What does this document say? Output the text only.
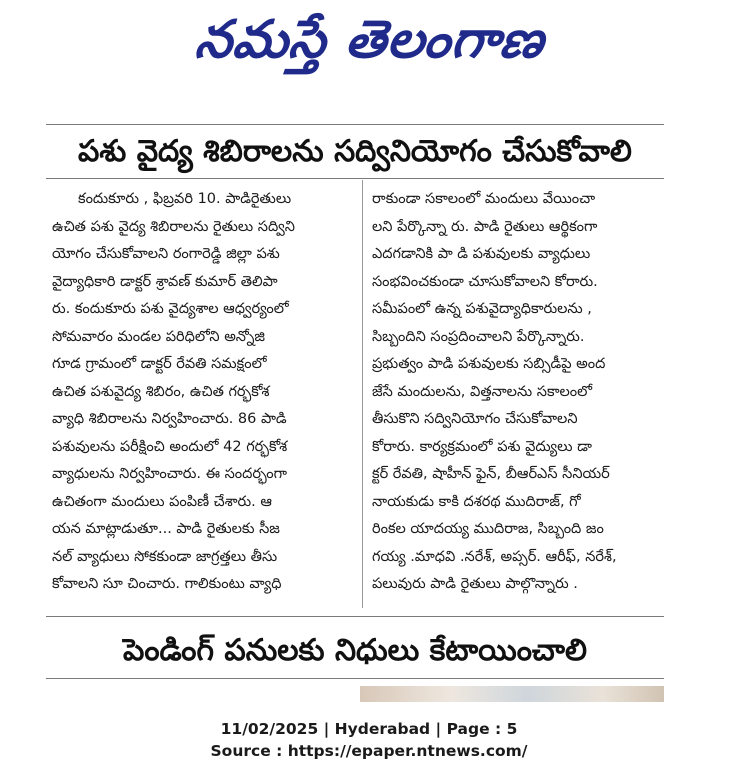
నమస్తే తెలంగాణ
పశు వైద్య శిబిరాలను సద్వినియోగం చేసుకోవాలి
కందుకూరు , ఫిబ్రవరి 10. పాడిరైతులు
ఉచిత పశు వైద్య శిబిరాలను రైతులు సద్విని
యోగం చేసుకోవాలని రంగారెడ్డి జిల్లా పశు
వైద్యాధికారి డాక్టర్ శ్రావణ్ కుమార్ తెలిపా
రు. కందుకూరు పశు వైద్యశాల ఆధ్వర్యంలో
సోమవారం మండల పరిధిలోని అన్నోజి
గూడ గ్రామంలో డాక్టర్ రేవతి సమక్షంలో
ఉచిత పశువైద్య శిబిరం, ఉచిత గర్భకోశ
వ్యాధి శిబిరాలను నిర్వహించారు. 86 పాడి
పశువులను పరీక్షించి అందులో 42 గర్భకోశ
వ్యాధులను నిర్వహించారు. ఈ సందర్భంగా
ఉచితంగా మందులు పంపిణీ చేశారు. ఆ
యన మాట్లాడుతూ... పాడి రైతులకు సీజ
నల్ వ్యాధులు సోకకుండా జాగ్రత్తలు తీసు
కోవాలని సూ చించారు. గాలికుంటు వ్యాధి
రాకుండా సకాలంలో మందులు వేయించా
లని పేర్కొన్నా రు. పాడి రైతులు ఆర్థికంగా
ఎదగడానికి పా డి పశువులకు వ్యాధులు
సంభవించకుండా చూసుకోవాలని కోరారు.
సమీపంలో ఉన్న పశువైద్యాధికారులను ,
సిబ్బందిని సంప్రదించాలని పేర్కొన్నారు.
ప్రభుత్వం పాడి పశువులకు సబ్సిడీపై అంద
జేసే మందులను, విత్తనాలను సకాలంలో
తీసుకొని సద్వినియోగం చేసుకోవాలని
కోరారు. కార్యక్రమంలో పశు వైద్యులు డా
క్టర్ రేవతి, షాహీన్ ఫైన్, బీఆర్ఎస్ సీనియర్
నాయకుడు కాకి దశరథ ముదిరాజ్, గో
రింకల యాదయ్య ముదిరాజ, సిబ్బంది జం
గయ్య .మాధవి .నరేశ్, అప్సర్. ఆరీఫ్, నరేశ్,
పలువురు పాడి రైతులు పాల్గొన్నారు .
పెండింగ్ పనులకు నిధులు కేటాయించాలి
11/02/2025 | Hyderabad | Page : 5
Source : https://epaper.ntnews.com/
